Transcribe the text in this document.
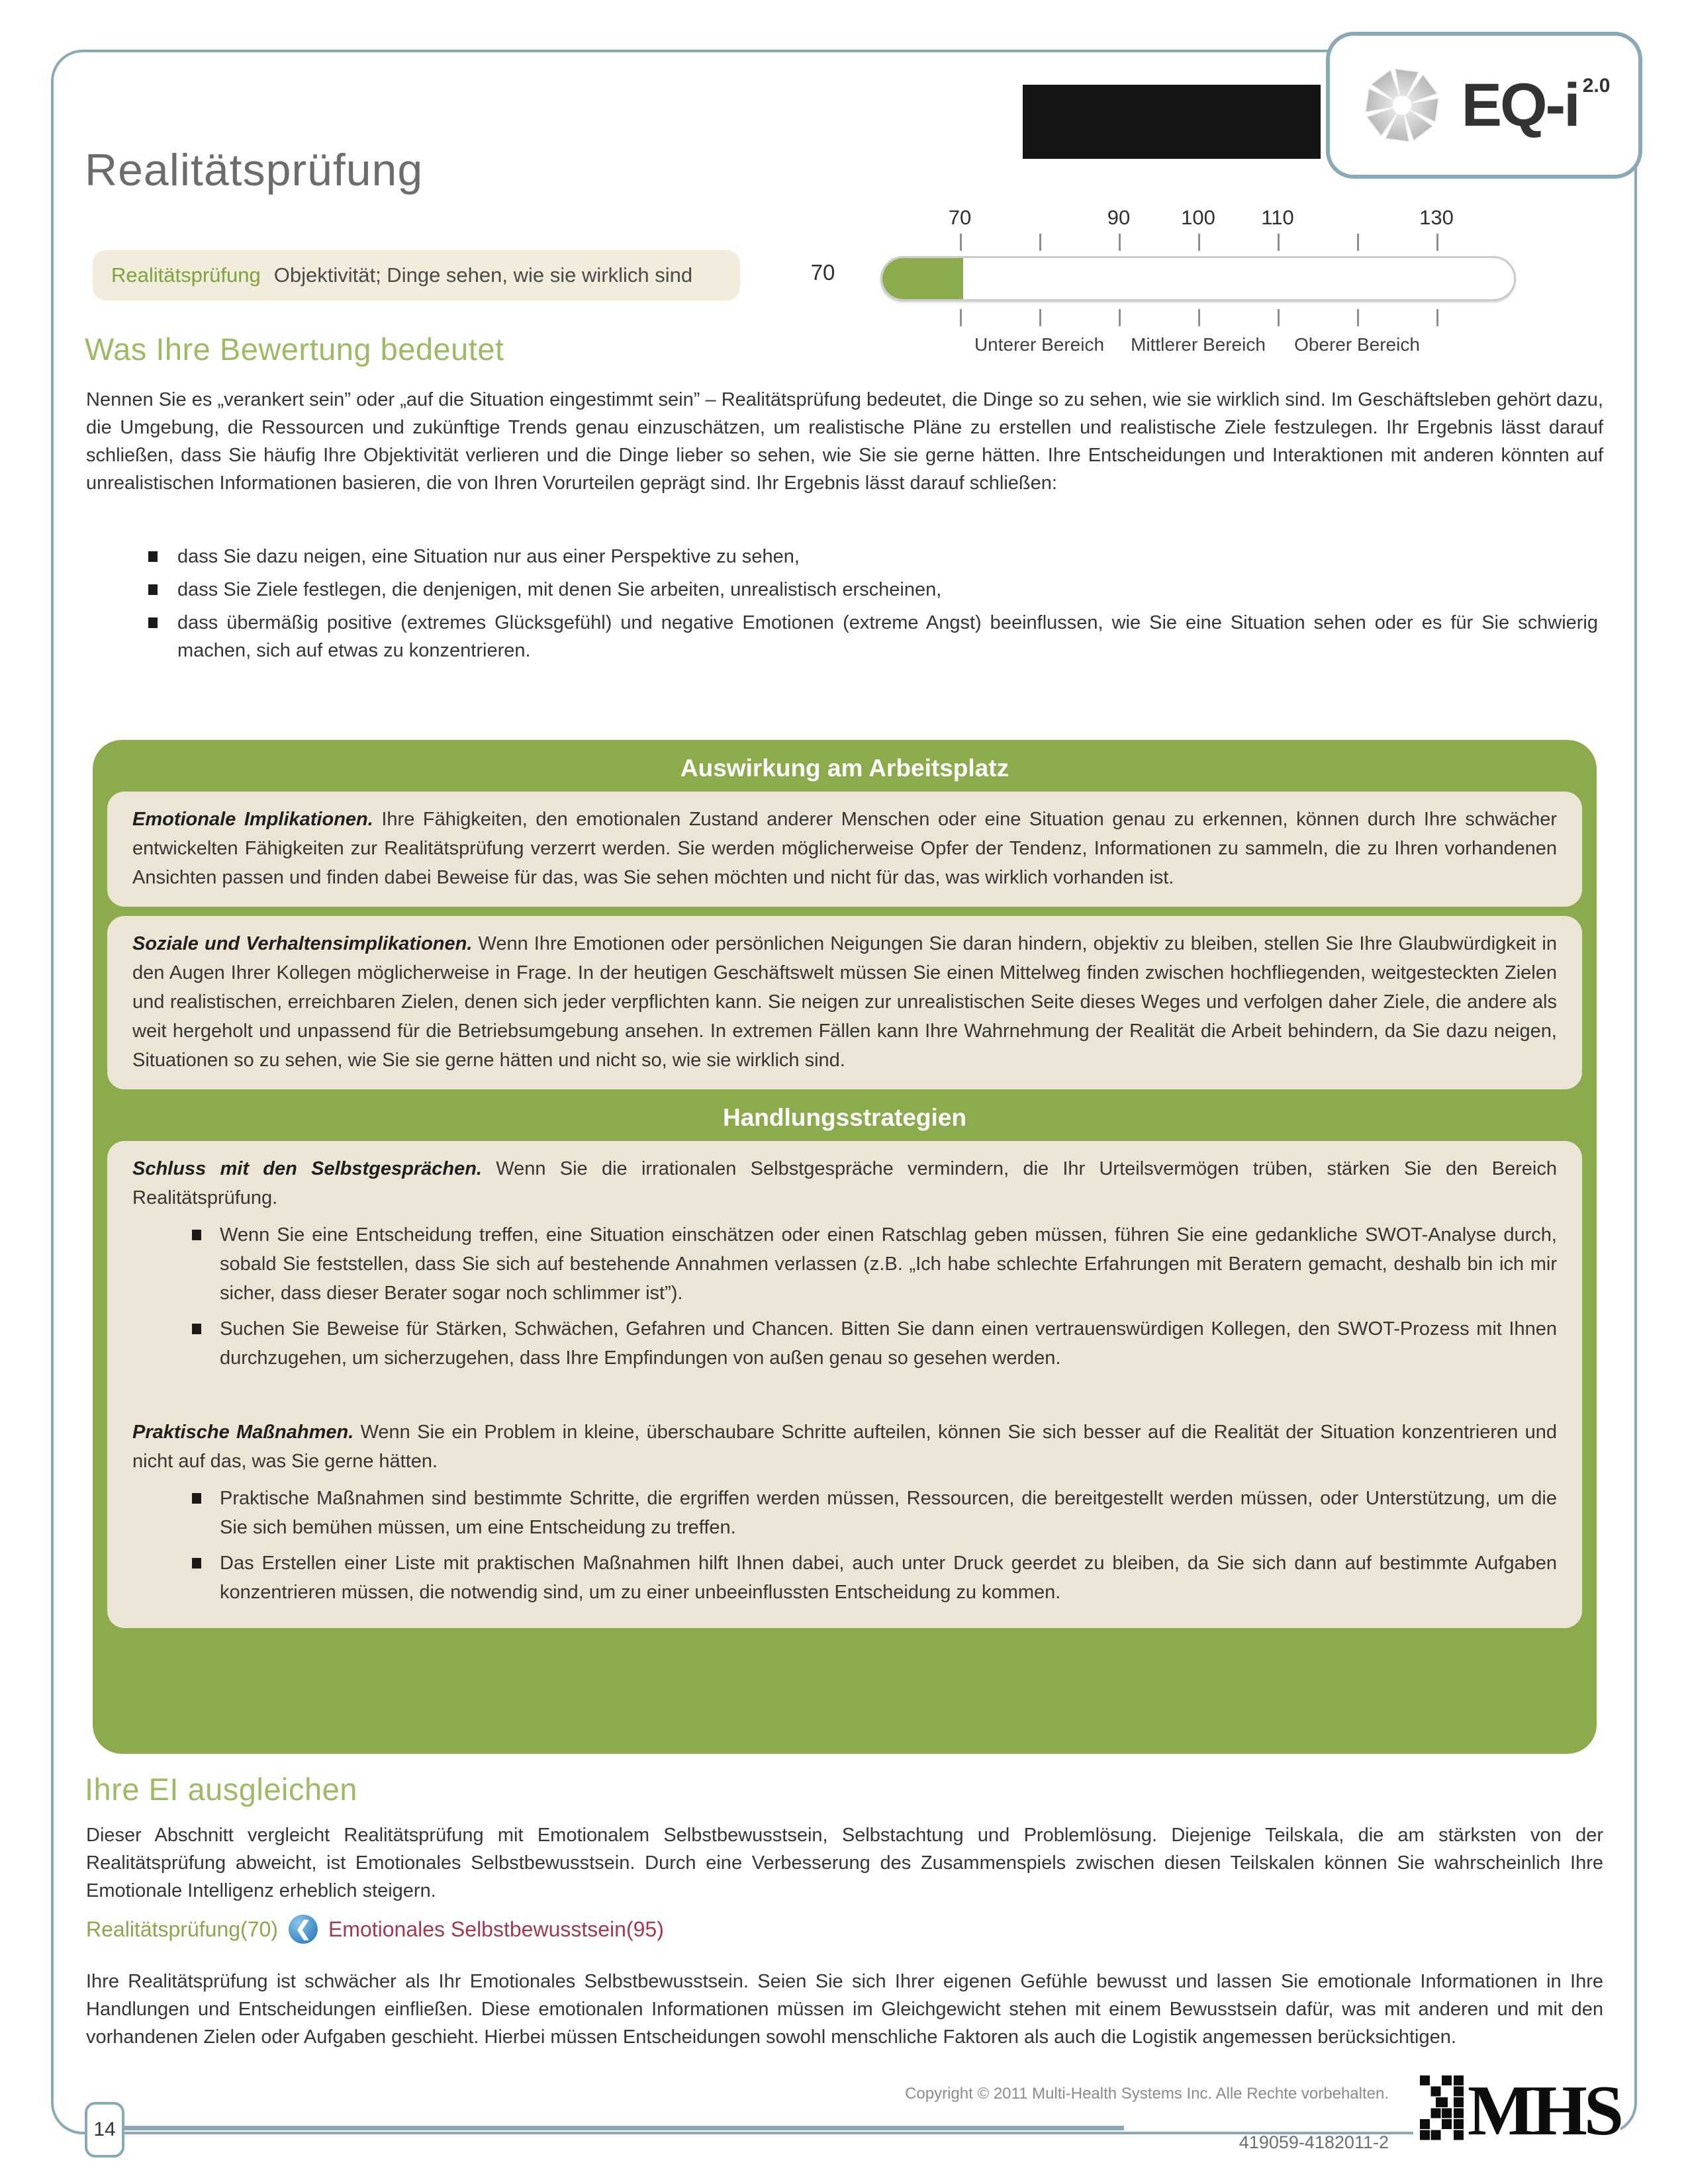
$EQ-i^{2.0}$
Realitätsprüfung
Realitätsprüfung Objektivität; Dinge sehen, wie sie wirklich sind	70
70	90	100	110	130
Unterer Bereich	Mittlerer Bereich	Oberer Bereich
Was Ihre Bewertung bedeutet
Nennen Sie es „verankert sein” oder „auf die Situation eingestimmt sein” – Realitätsprüfung bedeutet, die Dinge so zu sehen, wie sie wirklich sind. Im Geschäftsleben gehört dazu, die Umgebung, die Ressourcen und zukünftige Trends genau einzuschätzen, um realistische Pläne zu erstellen und realistische Ziele festzulegen. Ihr Ergebnis lässt darauf schließen, dass Sie häufig Ihre Objektivität verlieren und die Dinge lieber so sehen, wie Sie sie gerne hätten. Ihre Entscheidungen und Interaktionen mit anderen könnten auf unrealistischen Informationen basieren, die von Ihren Vorurteilen geprägt sind. Ihr Ergebnis lässt darauf schließen:
dass Sie dazu neigen, eine Situation nur aus einer Perspektive zu sehen,
dass Sie Ziele festlegen, die denjenigen, mit denen Sie arbeiten, unrealistisch erscheinen,
dass übermäßig positive (extremes Glücksgefühl) und negative Emotionen (extreme Angst) beeinflussen, wie Sie eine Situation sehen oder es für Sie schwierig machen, sich auf etwas zu konzentrieren.
Auswirkung am Arbeitsplatz
Emotionale Implikationen. Ihre Fähigkeiten, den emotionalen Zustand anderer Menschen oder eine Situation genau zu erkennen, können durch Ihre schwächer entwickelten Fähigkeiten zur Realitätsprüfung verzerrt werden. Sie werden möglicherweise Opfer der Tendenz, Informationen zu sammeln, die zu Ihren vorhandenen Ansichten passen und finden dabei Beweise für das, was Sie sehen möchten und nicht für das, was wirklich vorhanden ist.
Soziale und Verhaltensimplikationen. Wenn Ihre Emotionen oder persönlichen Neigungen Sie daran hindern, objektiv zu bleiben, stellen Sie Ihre Glaubwürdigkeit in den Augen Ihrer Kollegen möglicherweise in Frage. In der heutigen Geschäftswelt müssen Sie einen Mittelweg finden zwischen hochfliegenden, weitgesteckten Zielen und realistischen, erreichbaren Zielen, denen sich jeder verpflichten kann. Sie neigen zur unrealistischen Seite dieses Weges und verfolgen daher Ziele, die andere als weit hergeholt und unpassend für die Betriebsumgebung ansehen. In extremen Fällen kann Ihre Wahrnehmung der Realität die Arbeit behindern, da Sie dazu neigen, Situationen so zu sehen, wie Sie sie gerne hätten und nicht so, wie sie wirklich sind.
Handlungsstrategien
Schluss mit den Selbstgesprächen. Wenn Sie die irrationalen Selbstgespräche vermindern, die Ihr Urteilsvermögen trüben, stärken Sie den Bereich Realitätsprüfung.
Wenn Sie eine Entscheidung treffen, eine Situation einschätzen oder einen Ratschlag geben müssen, führen Sie eine gedankliche SWOT-Analyse durch, sobald Sie feststellen, dass Sie sich auf bestehende Annahmen verlassen (z.B. „Ich habe schlechte Erfahrungen mit Beratern gemacht, deshalb bin ich mir sicher, dass dieser Berater sogar noch schlimmer ist”).
Suchen Sie Beweise für Stärken, Schwächen, Gefahren und Chancen. Bitten Sie dann einen vertrauenswürdigen Kollegen, den SWOT-Prozess mit Ihnen durchzugehen, um sicherzugehen, dass Ihre Empfindungen von außen genau so gesehen werden.
Praktische Maßnahmen. Wenn Sie ein Problem in kleine, überschaubare Schritte aufteilen, können Sie sich besser auf die Realität der Situation konzentrieren und nicht auf das, was Sie gerne hätten.
Praktische Maßnahmen sind bestimmte Schritte, die ergriffen werden müssen, Ressourcen, die bereitgestellt werden müssen, oder Unterstützung, um die Sie sich bemühen müssen, um eine Entscheidung zu treffen.
Das Erstellen einer Liste mit praktischen Maßnahmen hilft Ihnen dabei, auch unter Druck geerdet zu bleiben, da Sie sich dann auf bestimmte Aufgaben konzentrieren müssen, die notwendig sind, um zu einer unbeeinflussten Entscheidung zu kommen.
Ihre EI ausgleichen
Dieser Abschnitt vergleicht Realitätsprüfung mit Emotionalem Selbstbewusstsein, Selbstachtung und Problemlösung. Diejenige Teilskala, die am stärksten von der Realitätsprüfung abweicht, ist Emotionales Selbstbewusstsein. Durch eine Verbesserung des Zusammenspiels zwischen diesen Teilskalen können Sie wahrscheinlich Ihre Emotionale Intelligenz erheblich steigern.
Realitätsprüfung(70) ❮ Emotionales Selbstbewusstsein(95)
Ihre Realitätsprüfung ist schwächer als Ihr Emotionales Selbstbewusstsein. Seien Sie sich Ihrer eigenen Gefühle bewusst und lassen Sie emotionale Informationen in Ihre Handlungen und Entscheidungen einfließen. Diese emotionalen Informationen müssen im Gleichgewicht stehen mit einem Bewusstsein dafür, was mit anderen und mit den vorhandenen Zielen oder Aufgaben geschieht. Hierbei müssen Entscheidungen sowohl menschliche Faktoren als auch die Logistik angemessen berücksichtigen.
Copyright © 2011 Multi-Health Systems Inc. Alle Rechte vorbehalten.
419059-4182011-2 MHS
14
